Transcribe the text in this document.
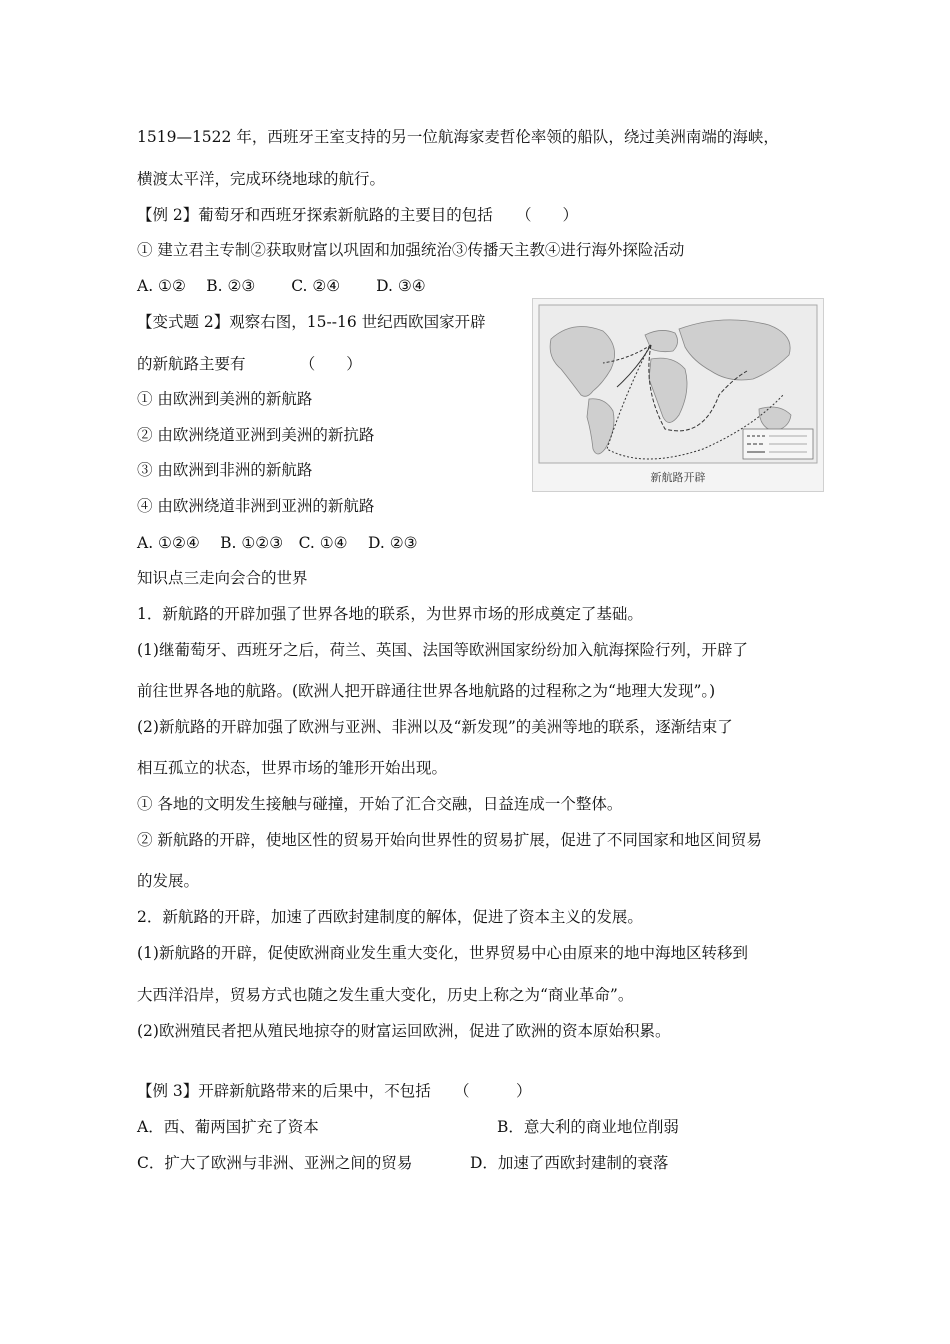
1519—1522 年，西班牙王室支持的另一位航海家麦哲伦率领的船队，绕过美洲南端的海峡，
横渡太平洋，完成环绕地球的航行。
【例 2】葡萄牙和西班牙探索新航路的主要目的包括　　（　　）
① 建立君主专制②获取财富以巩固和加强统治③传播天主教④进行海外探险活动
A. ①②　 B. ②③　　 C. ②④　　 D. ③④
【变式题 2】观察右图，15--16 世纪西欧国家开辟
的新航路主要有　　　　（　　）
① 由欧洲到美洲的新航路
② 由欧洲绕道亚洲到美洲的新抗路
③ 由欧洲到非洲的新航路
④ 由欧洲绕道非洲到亚洲的新航路
A. ①②④　 B. ①②③　C. ①④　 D. ②③
知识点三走向会合的世界
1．新航路的开辟加强了世界各地的联系，为世界市场的形成奠定了基础。
(1)继葡萄牙、西班牙之后，荷兰、英国、法国等欧洲国家纷纷加入航海探险行列，开辟了
前往世界各地的航路。(欧洲人把开辟通往世界各地航路的过程称之为“地理大发现”。)
(2)新航路的开辟加强了欧洲与亚洲、非洲以及“新发现”的美洲等地的联系，逐渐结束了
相互孤立的状态，世界市场的雏形开始出现。
① 各地的文明发生接触与碰撞，开始了汇合交融，日益连成一个整体。
② 新航路的开辟，使地区性的贸易开始向世界性的贸易扩展，促进了不同国家和地区间贸易
的发展。
2．新航路的开辟，加速了西欧封建制度的解体，促进了资本主义的发展。
(1)新航路的开辟，促使欧洲商业发生重大变化，世界贸易中心由原来的地中海地区转移到
大西洋沿岸，贸易方式也随之发生重大变化，历史上称之为“商业革命”。
(2)欧洲殖民者把从殖民地掠夺的财富运回欧洲，促进了欧洲的资本原始积累。
【例 3】开辟新航路带来的后果中，不包括　　（　　　）
A．西、葡两国扩充了资本	B．意大利的商业地位削弱
C．扩大了欧洲与非洲、亚洲之间的贸易	D．加速了西欧封建制的衰落
新航路开辟
